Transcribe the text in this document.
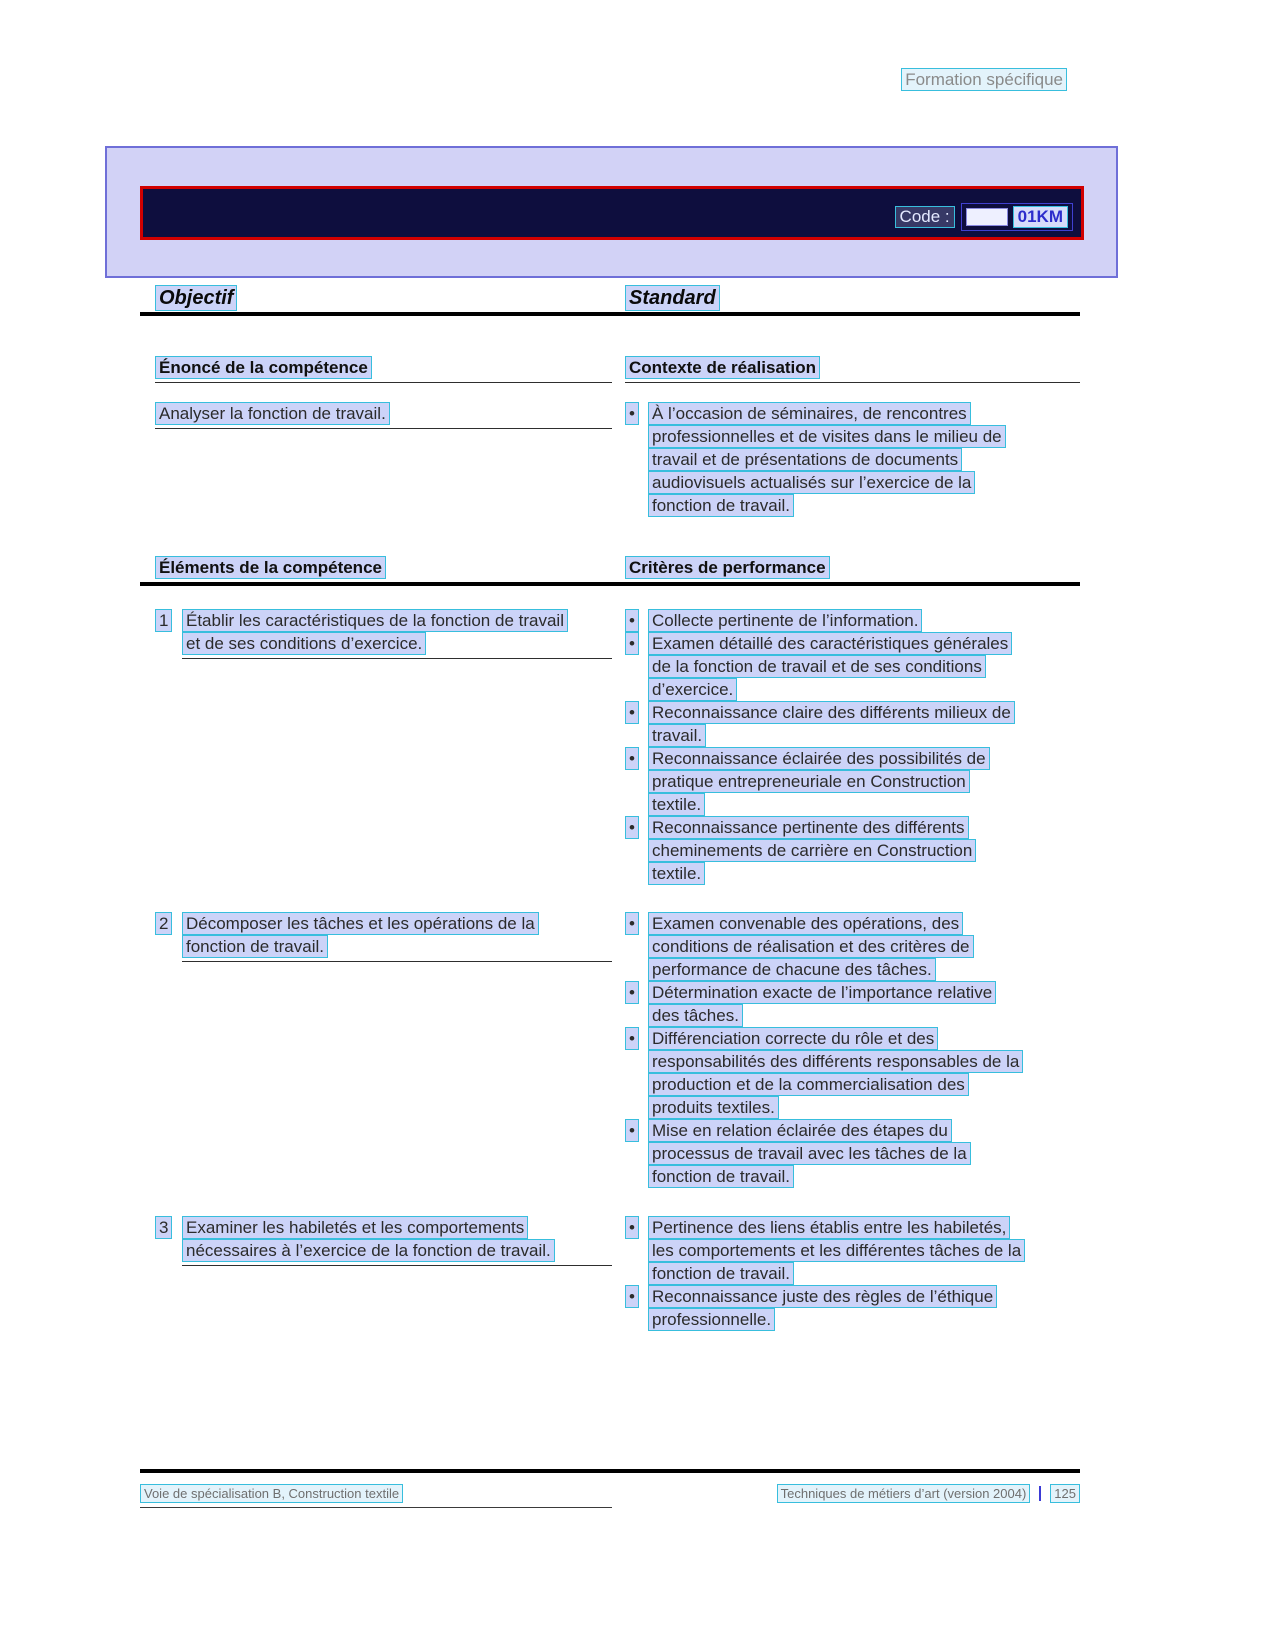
Formation spécifique
Code :	01KM
Objectif	Standard
Énoncé de la compétence	Contexte de réalisation
Analyser la fonction de travail.	•	À l’occasion de séminaires, de rencontres professionnelles et de visites dans le milieu de travail et de présentations de documents audiovisuels actualisés sur l’exercice de la fonction de travail.
Éléments de la compétence	Critères de performance
1	Établir les caractéristiques de la fonction de travail et de ses conditions d’exercice.
•	Collecte pertinente de l’information.
•	Examen détaillé des caractéristiques générales de la fonction de travail et de ses conditions d’exercice.
•	Reconnaissance claire des différents milieux de travail.
•	Reconnaissance éclairée des possibilités de pratique entrepreneuriale en Construction textile.
•	Reconnaissance pertinente des différents cheminements de carrière en Construction textile.
2	Décomposer les tâches et les opérations de la fonction de travail.
•	Examen convenable des opérations, des conditions de réalisation et des critères de performance de chacune des tâches.
•	Détermination exacte de l’importance relative des tâches.
•	Différenciation correcte du rôle et des responsabilités des différents responsables de la production et de la commercialisation des produits textiles.
•	Mise en relation éclairée des étapes du processus de travail avec les tâches de la fonction de travail.
3	Examiner les habiletés et les comportements nécessaires à l’exercice de la fonction de travail.
•	Pertinence des liens établis entre les habiletés, les comportements et les différentes tâches de la fonction de travail.
•	Reconnaissance juste des règles de l’éthique professionnelle.
Voie de spécialisation B, Construction textile	Techniques de métiers d’art (version 2004)	125
